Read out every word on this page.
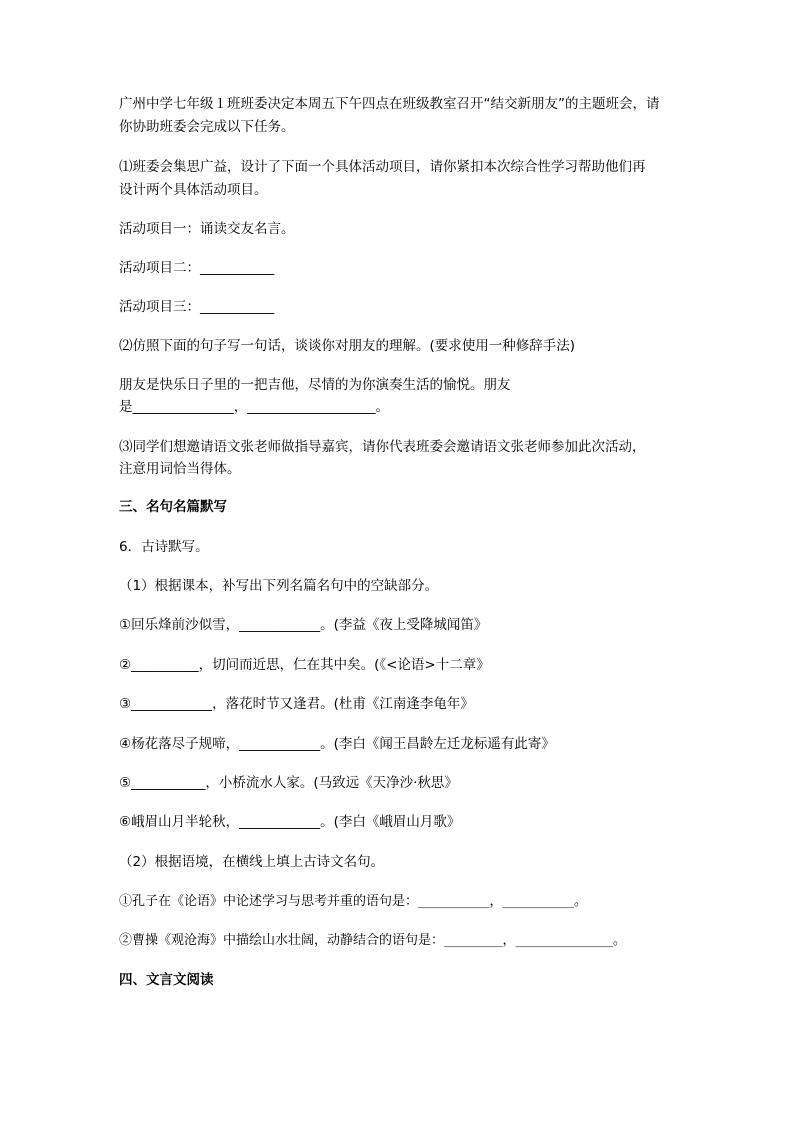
广州中学七年级１班班委决定本周五下午四点在班级教室召开“结交新朋友”的主题班会，请
你协助班委会完成以下任务。
⑴班委会集思广益，设计了下面一个具体活动项目，请你紧扣本次综合性学习帮助他们再
设计两个具体活动项目。
活动项目一：诵读交友名言。
活动项目二：___________
活动项目三：___________
⑵仿照下面的句子写一句话，谈谈你对朋友的理解。(要求使用一种修辞手法)
朋友是快乐日子里的一把吉他，尽情的为你演奏生活的愉悦。朋友
是_______________，___________________。
⑶同学们想邀请语文张老师做指导嘉宾，请你代表班委会邀请语文张老师参加此次活动，
注意用词恰当得体。
三、名句名篇默写
6．古诗默写。
（1）根据课本，补写出下列名篇名句中的空缺部分。
①回乐烽前沙似雪，____________。(李益《夜上受降城闻笛》
②__________，切问而近思，仁在其中矣。(《<论语>十二章》
③____________，落花时节又逢君。(杜甫《江南逢李龟年》
④杨花落尽子规啼，____________。(李白《闻王昌龄左迁龙标遥有此寄》
⑤___________，小桥流水人家。(马致远《天净沙·秋思》
⑥峨眉山月半轮秋，____________。(李白《峨眉山月歌》
（2）根据语境，在横线上填上古诗文名句。
①孔子在《论语》中论述学习与思考并重的语句是：___________，___________。
②曹操《观沧海》中描绘山水壮阔，动静结合的语句是：_________，_______________。
四、文言文阅读
